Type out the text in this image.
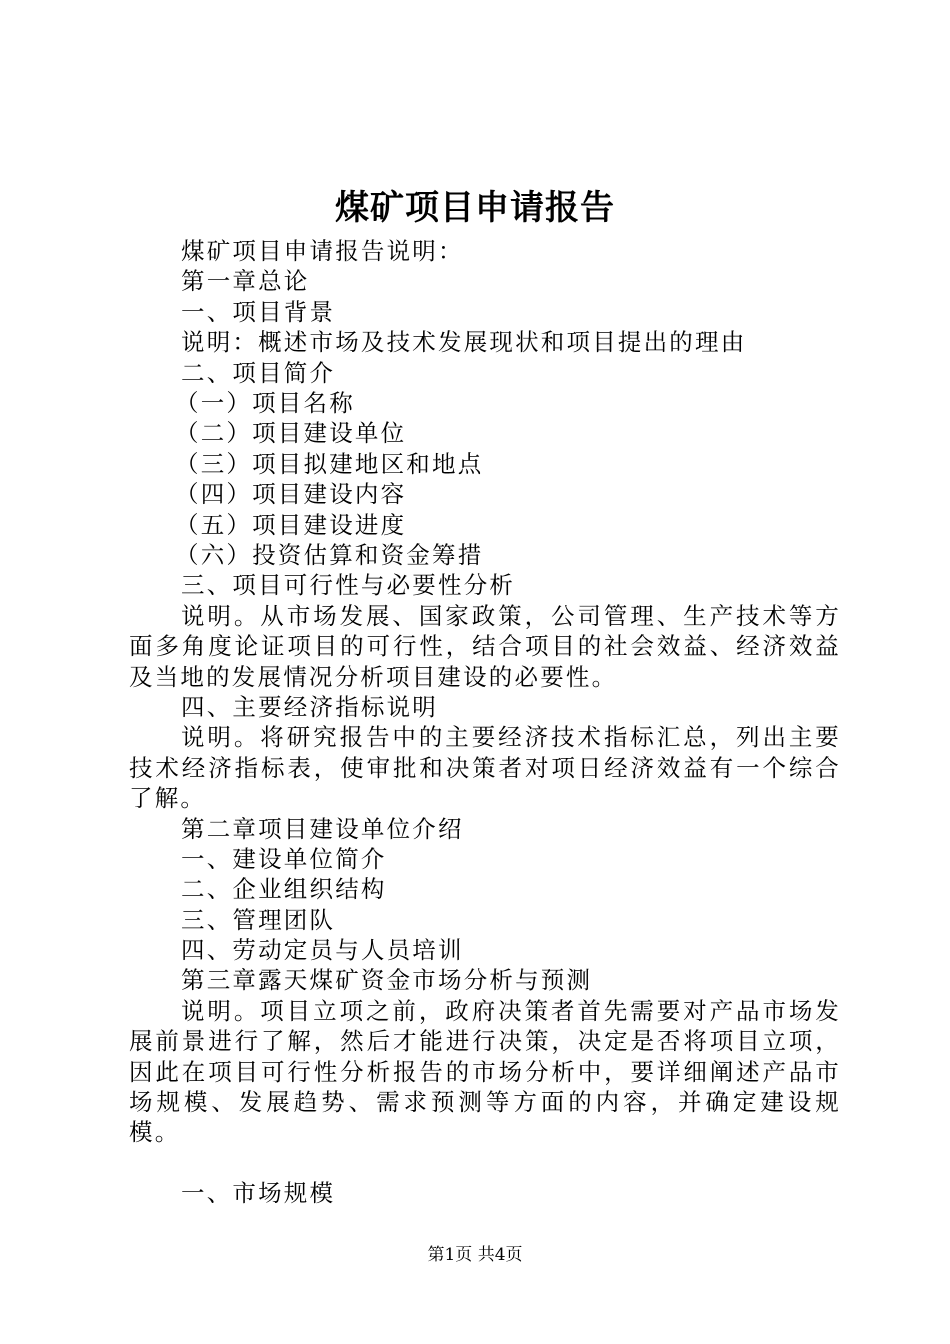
煤矿项目申请报告
煤矿项目申请报告说明：
第一章总论
一、项目背景
说明：概述市场及技术发展现状和项目提出的理由
二、项目简介
（一）项目名称
（二）项目建设单位
（三）项目拟建地区和地点
（四）项目建设内容
（五）项目建设进度
（六）投资估算和资金筹措
三、项目可行性与必要性分析
说明。从市场发展、国家政策，公司管理、生产技术等方面多角度论证项目的可行性，结合项目的社会效益、经济效益及当地的发展情况分析项目建设的必要性。
四、主要经济指标说明
说明。将研究报告中的主要经济技术指标汇总，列出主要技术经济指标表，使审批和决策者对项日经济效益有一个综合了解。
第二章项目建设单位介绍
一、建设单位简介
二、企业组织结构
三、管理团队
四、劳动定员与人员培训
第三章露天煤矿资金市场分析与预测
说明。项目立项之前，政府决策者首先需要对产品市场发展前景进行了解，然后才能进行决策，决定是否将项目立项，因此在项目可行性分析报告的市场分析中，要详细阐述产品市场规模、发展趋势、需求预测等方面的内容，并确定建设规模。
一、市场规模
第1页 共4页
